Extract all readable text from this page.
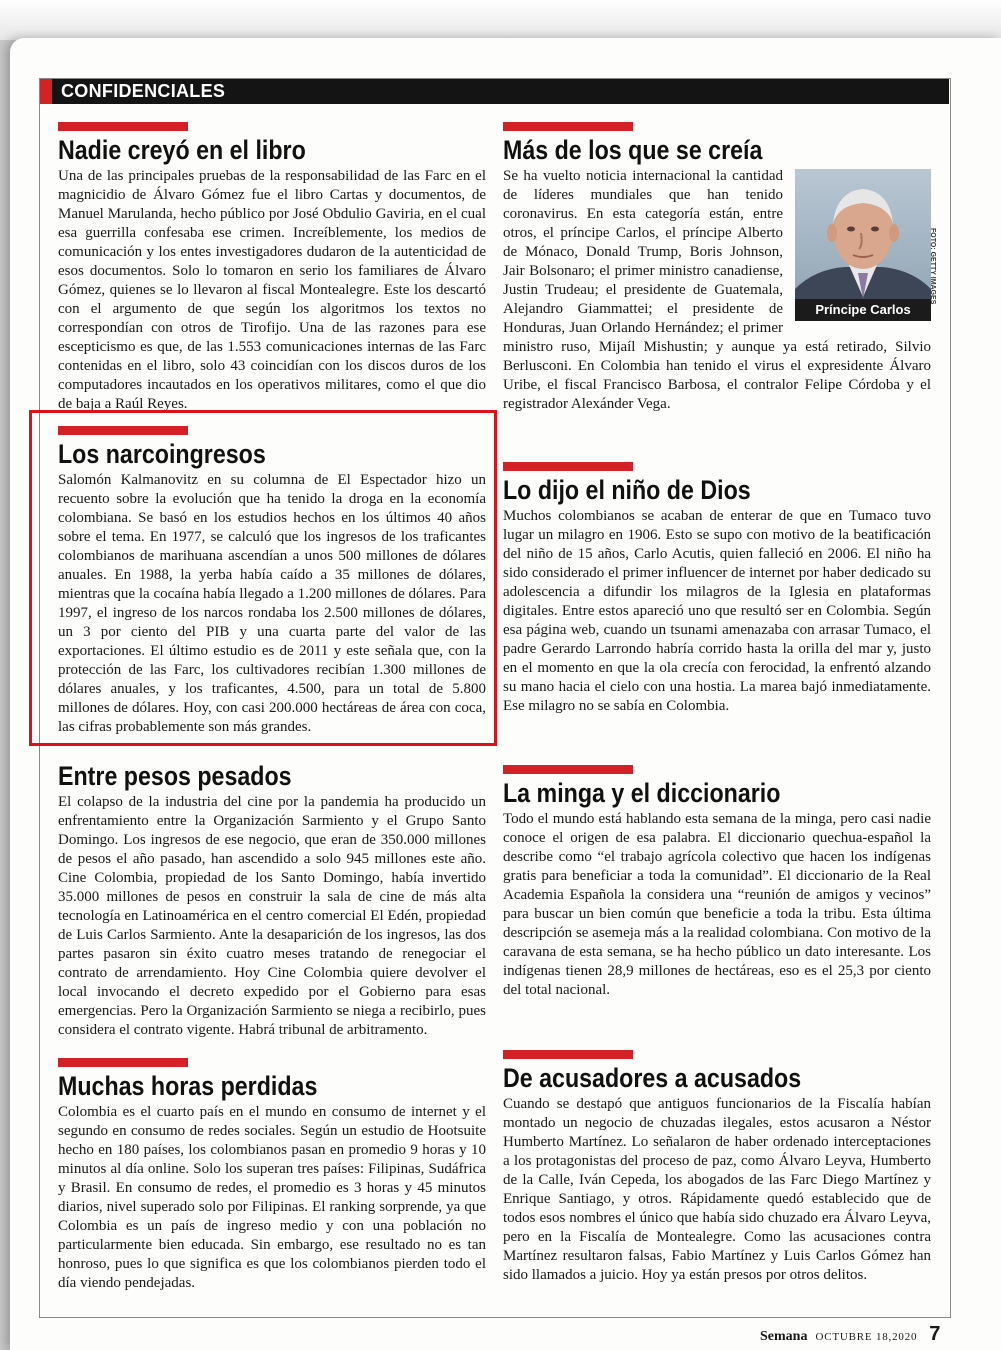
CONFIDENCIALES
Nadie creyó en el libro

Una de las principales pruebas de la responsabilidad de las Farc en el magnicidio de Álvaro Gómez fue el libro Cartas y documentos, de Manuel Marulanda, hecho público por José Obdulio Gaviria, en el cual esa guerrilla confesaba ese crimen. Increíblemente, los medios de comunicación y los entes investigadores dudaron de la autenticidad de esos documentos. Solo lo tomaron en serio los familiares de Álvaro Gómez, quienes se lo llevaron al fiscal Montealegre. Este los descartó con el argumento de que según los algoritmos los textos no correspondían con otros de Tirofijo. Una de las razones para ese escepticismo es que, de las 1.553 comunicaciones internas de las Farc contenidas en el libro, solo 43 coincidían con los discos duros de los computadores incautados en los operativos militares, como el que dio de baja a Raúl Reyes.

Los narcoingresos

Salomón Kalmanovitz en su columna de El Espectador hizo un recuento sobre la evolución que ha tenido la droga en la economía colombiana. Se basó en los estudios hechos en los últimos 40 años sobre el tema. En 1977, se calculó que los ingresos de los traficantes colombianos de marihuana ascendían a unos 500 millones de dólares anuales. En 1988, la yerba había caído a 35 millones de dólares, mientras que la cocaína había llegado a 1.200 millones de dólares. Para 1997, el ingreso de los narcos rondaba los 2.500 millones de dólares, un 3 por ciento del PIB y una cuarta parte del valor de las exportaciones. El último estudio es de 2011 y este señala que, con la protección de las Farc, los cultivadores recibían 1.300 millones de dólares anuales, y los traficantes, 4.500, para un total de 5.800 millones de dólares. Hoy, con casi 200.000 hectáreas de área con coca, las cifras probablemente son más grandes.

Entre pesos pesados

El colapso de la industria del cine por la pandemia ha producido un enfrentamiento entre la Organización Sarmiento y el Grupo Santo Domingo. Los ingresos de ese negocio, que eran de 350.000 millones de pesos el año pasado, han ascendido a solo 945 millones este año. Cine Colombia, propiedad de los Santo Domingo, había invertido 35.000 millones de pesos en construir la sala de cine de más alta tecnología en Latinoamérica en el centro comercial El Edén, propiedad de Luis Carlos Sarmiento. Ante la desaparición de los ingresos, las dos partes pasaron sin éxito cuatro meses tratando de renegociar el contrato de arrendamiento. Hoy Cine Colombia quiere devolver el local invocando el decreto expedido por el Gobierno para esas emergencias. Pero la Organización Sarmiento se niega a recibirlo, pues considera el contrato vigente. Habrá tribunal de arbitramento.

Muchas horas perdidas

Colombia es el cuarto país en el mundo en consumo de internet y el segundo en consumo de redes sociales. Según un estudio de Hootsuite hecho en 180 países, los colombianos pasan en promedio 9 horas y 10 minutos al día online. Solo los superan tres países: Filipinas, Sudáfrica y Brasil. En consumo de redes, el promedio es 3 horas y 45 minutos diarios, nivel superado solo por Filipinas. El ranking sorprende, ya que Colombia es un país de ingreso medio y con una población no particularmente bien educada. Sin embargo, ese resultado no es tan honroso, pues lo que significa es que los colombianos pierden todo el día viendo pendejadas.

Más de los que se creía
Príncipe Carlos

Se ha vuelto noticia internacional la cantidad de líderes mundiales que han tenido coronavirus. En esta categoría están, entre otros, el príncipe Carlos, el príncipe Alberto de Mónaco, Donald Trump, Boris Johnson, Jair Bolsonaro; el primer ministro canadiense, Justin Trudeau; el presidente de Guatemala, Alejandro Giammattei; el presidente de Honduras, Juan Orlando Hernández; el primer ministro ruso, Mijaíl Mishustin; y aunque ya está retirado, Silvio Berlusconi. En Colombia han tenido el virus el expresidente Álvaro Uribe, el fiscal Francisco Barbosa, el contralor Felipe Córdoba y el registrador Alexánder Vega.

FOTO: GETTY IMAGES
Lo dijo el niño de Dios

Muchos colombianos se acaban de enterar de que en Tumaco tuvo lugar un milagro en 1906. Esto se supo con motivo de la beatificación del niño de 15 años, Carlo Acutis, quien falleció en 2006. El niño ha sido considerado el primer influencer de internet por haber dedicado su adolescencia a difundir los milagros de la Iglesia en plataformas digitales. Entre estos apareció uno que resultó ser en Colombia. Según esa página web, cuando un tsunami amenazaba con arrasar Tumaco, el padre Gerardo Larrondo habría corrido hasta la orilla del mar y, justo en el momento en que la ola crecía con ferocidad, la enfrentó alzando su mano hacia el cielo con una hostia. La marea bajó inmediatamente. Ese milagro no se sabía en Colombia.

La minga y el diccionario

Todo el mundo está hablando esta semana de la minga, pero casi nadie conoce el origen de esa palabra. El diccionario quechua-español la describe como “el trabajo agrícola colectivo que hacen los indígenas gratis para beneficiar a toda la comunidad”. El diccionario de la Real Academia Española la considera una “reunión de amigos y vecinos” para buscar un bien común que beneficie a toda la tribu. Esta última descripción se asemeja más a la realidad colombiana. Con motivo de la caravana de esta semana, se ha hecho público un dato interesante. Los indígenas tienen 28,9 millones de hectáreas, eso es el 25,3 por ciento del total nacional.

De acusadores a acusados

Cuando se destapó que antiguos funcionarios de la Fiscalía habían montado un negocio de chuzadas ilegales, estos acusaron a Néstor Humberto Martínez. Lo señalaron de haber ordenado interceptaciones a los protagonistas del proceso de paz, como Álvaro Leyva, Humberto de la Calle, Iván Cepeda, los abogados de las Farc Diego Martínez y Enrique Santiago, y otros. Rápidamente quedó establecido que de todos esos nombres el único que había sido chuzado era Álvaro Leyva, pero en la Fiscalía de Montealegre. Como las acusaciones contra Martínez resultaron falsas, Fabio Martínez y Luis Carlos Gómez han sido llamados a juicio. Hoy ya están presos por otros delitos.

Semana OCTUBRE 18,2020 7
